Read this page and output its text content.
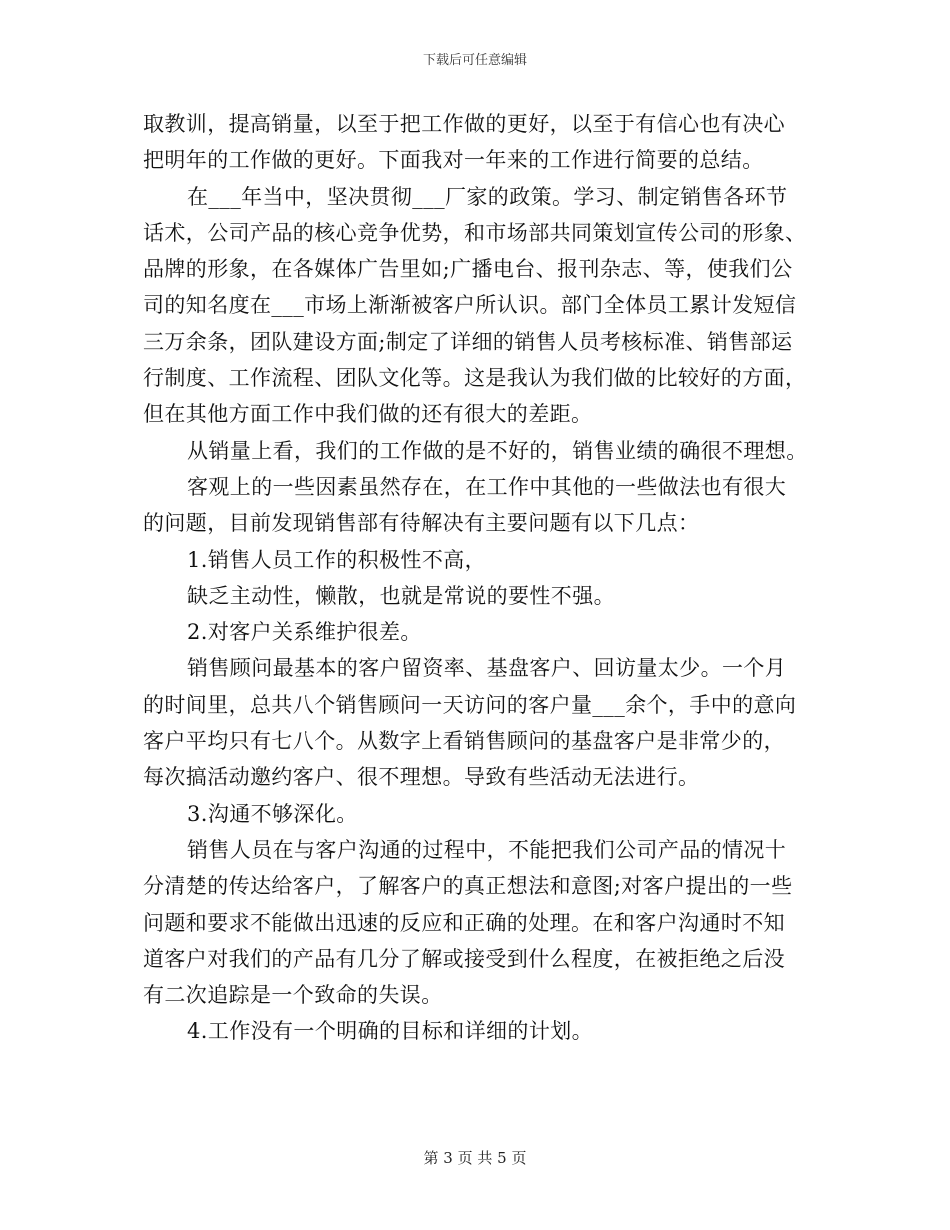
下载后可任意编辑
取教训，提高销量，以至于把工作做的更好，以至于有信心也有决心
把明年的工作做的更好。下面我对一年来的工作进行简要的总结。
在___年当中，坚决贯彻___厂家的政策。学习、制定销售各环节
话术，公司产品的核心竞争优势，和市场部共同策划宣传公司的形象、
品牌的形象，在各媒体广告里如;广播电台、报刊杂志、等，使我们公
司的知名度在___市场上渐渐被客户所认识。部门全体员工累计发短信
三万余条，团队建设方面;制定了详细的销售人员考核标准、销售部运
行制度、工作流程、团队文化等。这是我认为我们做的比较好的方面，
但在其他方面工作中我们做的还有很大的差距。
从销量上看，我们的工作做的是不好的，销售业绩的确很不理想。
客观上的一些因素虽然存在，在工作中其他的一些做法也有很大
的问题，目前发现销售部有待解决有主要问题有以下几点：
1.销售人员工作的积极性不高，
缺乏主动性，懒散，也就是常说的要性不强。
2.对客户关系维护很差。
销售顾问最基本的客户留资率、基盘客户、回访量太少。一个月
的时间里，总共八个销售顾问一天访问的客户量___余个，手中的意向
客户平均只有七八个。从数字上看销售顾问的基盘客户是非常少的，
每次搞活动邀约客户、很不理想。导致有些活动无法进行。
3.沟通不够深化。
销售人员在与客户沟通的过程中，不能把我们公司产品的情况十
分清楚的传达给客户，了解客户的真正想法和意图;对客户提出的一些
问题和要求不能做出迅速的反应和正确的处理。在和客户沟通时不知
道客户对我们的产品有几分了解或接受到什么程度，在被拒绝之后没
有二次追踪是一个致命的失误。
4.工作没有一个明确的目标和详细的计划。
第 3 页 共 5 页
